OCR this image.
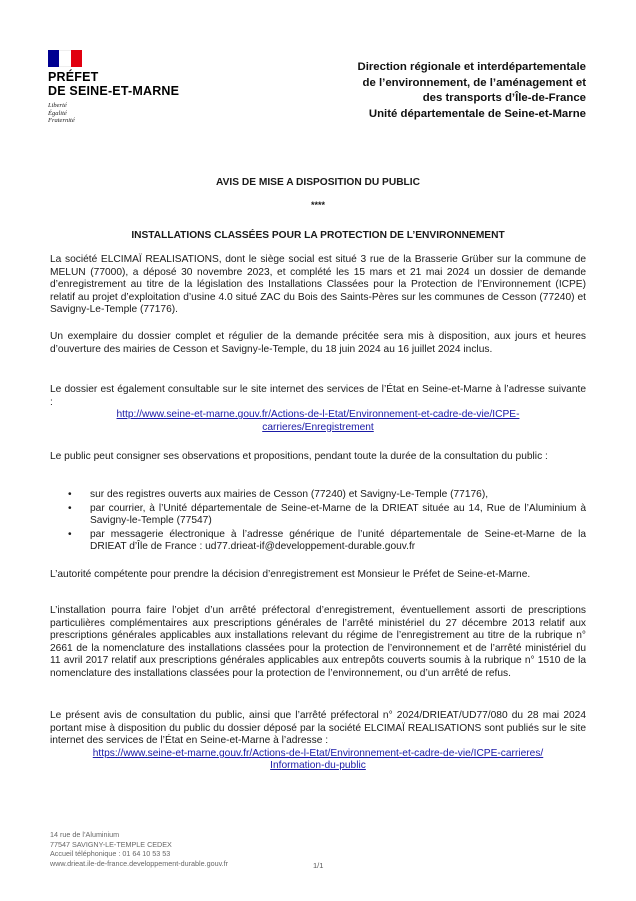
PRÉFET
DE SEINE-ET-MARNE
Liberté
Égalité
Fraternité
Direction régionale et interdépartementale
de l’environnement, de l’aménagement et
des transports d’Île-de-France
Unité départementale de Seine-et-Marne
AVIS DE MISE A DISPOSITION DU PUBLIC
****
INSTALLATIONS CLASSÉES POUR LA PROTECTION DE L’ENVIRONNEMENT
La société ELCIMAÏ REALISATIONS, dont le siège social est situé 3 rue de la Brasserie Grüber sur la commune de MELUN (77000), a déposé 30 novembre 2023, et complété les 15 mars et 21 mai 2024 un dossier de demande d’enregistrement au titre de la législation des Installations Classées pour la Protection de l’Environnement (ICPE) relatif au projet d’exploitation d’usine 4.0 situé ZAC du Bois des Saints-Pères sur les communes de Cesson (77240) et Savigny-Le-Temple (77176).
Un exemplaire du dossier complet et régulier de la demande précitée sera mis à disposition, aux jours et heures d’ouverture des mairies de Cesson et Savigny-le-Temple, du 18 juin 2024 au 16 juillet 2024 inclus.
Le dossier est également consultable sur le site internet des services de l’État en Seine-et-Marne à l’adresse suivante :
http://www.seine-et-marne.gouv.fr/Actions-de-l-Etat/Environnement-et-cadre-de-vie/ICPE-
carrieres/Enregistrement
Le public peut consigner ses observations et propositions, pendant toute la durée de la consultation du public :
• sur des registres ouverts aux mairies de Cesson (77240) et Savigny-Le-Temple (77176),
• par courrier, à l’Unité départementale de Seine-et-Marne de la DRIEAT située au 14, Rue de l’Aluminium à Savigny-le-Temple (77547)
• par messagerie électronique à l’adresse générique de l’unité départementale de Seine-et-Marne de la DRIEAT d’Île de France : ud77.drieat-if@developpement-durable.gouv.fr
L’autorité compétente pour prendre la décision d’enregistrement est Monsieur le Préfet de Seine-et-Marne.
L’installation pourra faire l’objet d’un arrêté préfectoral d’enregistrement, éventuellement assorti de prescriptions particulières complémentaires aux prescriptions générales de l’arrêté ministériel du 27 décembre 2013 relatif aux prescriptions générales applicables aux installations relevant du régime de l’enregistrement au titre de la rubrique n° 2661 de la nomenclature des installations classées pour la protection de l’environnement et de l’arrêté ministériel du 11 avril 2017 relatif aux prescriptions générales applicables aux entrepôts couverts soumis à la rubrique n° 1510 de la nomenclature des installations classées pour la protection de l’environnement, ou d’un arrêté de refus.
Le présent avis de consultation du public, ainsi que l’arrêté préfectoral n° 2024/DRIEAT/UD77/080 du 28 mai 2024 portant mise à disposition du public du dossier déposé par la société ELCIMAÏ REALISATIONS sont publiés sur le site internet des services de l’État en Seine-et-Marne à l’adresse :
https://www.seine-et-marne.gouv.fr/Actions-de-l-Etat/Environnement-et-cadre-de-vie/ICPE-carrieres/
Information-du-public
14 rue de l’Aluminium
77547 SAVIGNY-LE-TEMPLE CEDEX
Accueil téléphonique : 01 64 10 53 53
www.drieat.ile-de-france.developpement-durable.gouv.fr	1/1
